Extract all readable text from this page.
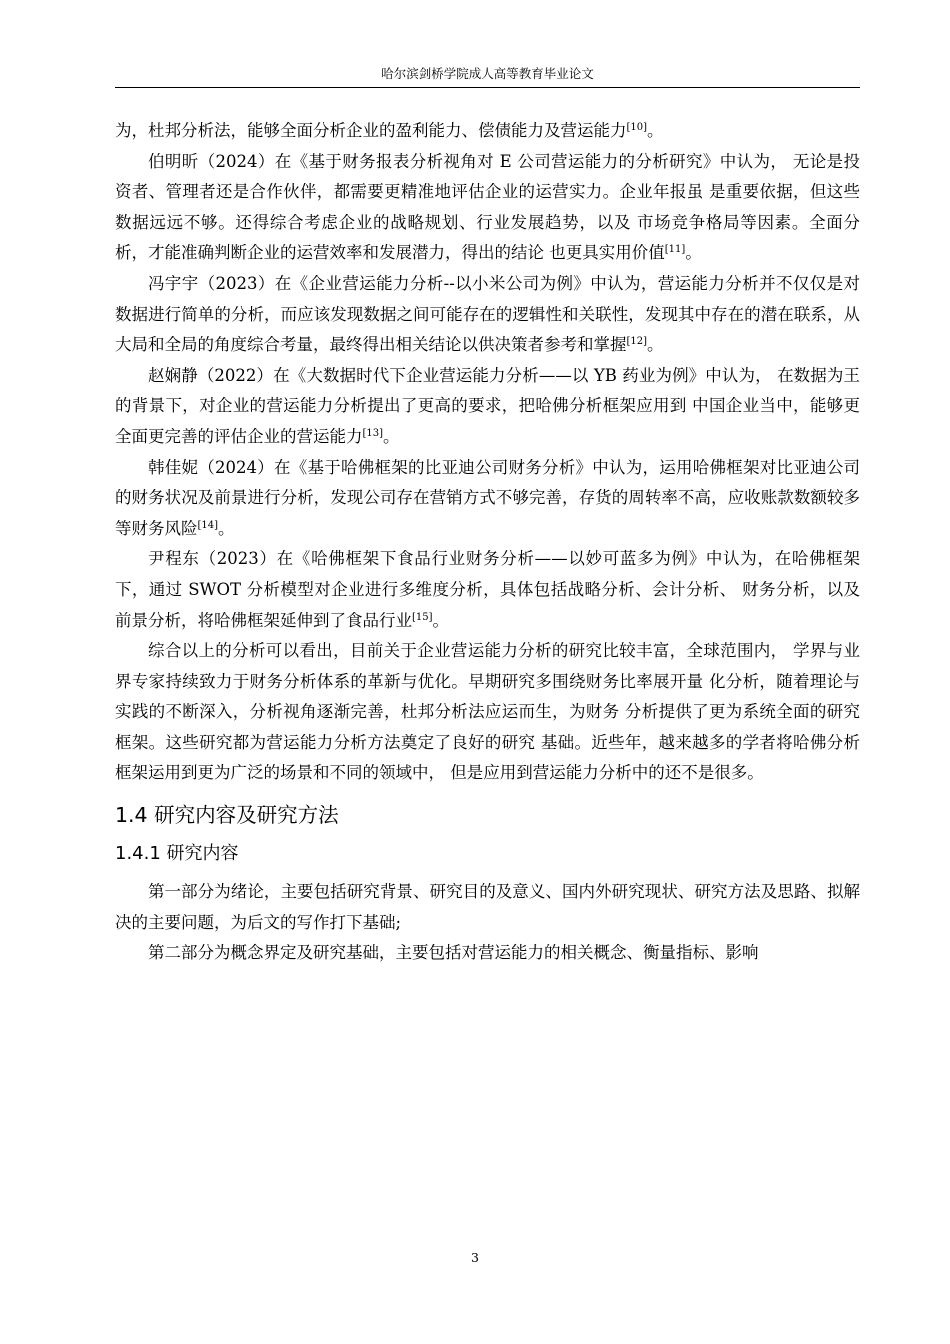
哈尔滨剑桥学院成人高等教育毕业论文

为，杜邦分析法，能够全面分析企业的盈利能力、偿债能力及营运能力[10]。

伯明昕（2024）在《基于财务报表分析视角对 E 公司营运能力的分析研究》中认为， 无论是投资者、管理者还是合作伙伴，都需要更精准地评估企业的运营实力。企业年报虽 是重要依据，但这些数据远远不够。还得综合考虑企业的战略规划、行业发展趋势，以及 市场竞争格局等因素。全面分析，才能准确判断企业的运营效率和发展潜力，得出的结论 也更具实用价值[11]。

冯宇宇（2023）在《企业营运能力分析--以小米公司为例》中认为，营运能力分析并不仅仅是对数据进行简单的分析，而应该发现数据之间可能存在的逻辑性和关联性，发现其中存在的潜在联系，从大局和全局的角度综合考量，最终得出相关结论以供决策者参考和掌握[12]。

赵娴静（2022）在《大数据时代下企业营运能力分析——以 YB 药业为例》中认为， 在数据为王的背景下，对企业的营运能力分析提出了更高的要求，把哈佛分析框架应用到 中国企业当中，能够更全面更完善的评估企业的营运能力[13]。

韩佳妮（2024）在《基于哈佛框架的比亚迪公司财务分析》中认为，运用哈佛框架对比亚迪公司的财务状况及前景进行分析，发现公司存在营销方式不够完善，存货的周转率不高，应收账款数额较多等财务风险[14]。

尹程东（2023）在《哈佛框架下食品行业财务分析——以妙可蓝多为例》中认为，在哈佛框架下，通过 SWOT 分析模型对企业进行多维度分析，具体包括战略分析、会计分析、 财务分析，以及前景分析，将哈佛框架延伸到了食品行业[15]。

综合以上的分析可以看出，目前关于企业营运能力分析的研究比较丰富，全球范围内， 学界与业界专家持续致力于财务分析体系的革新与优化。早期研究多围绕财务比率展开量 化分析，随着理论与实践的不断深入，分析视角逐渐完善，杜邦分析法应运而生，为财务 分析提供了更为系统全面的研究框架。这些研究都为营运能力分析方法奠定了良好的研究 基础。近些年，越来越多的学者将哈佛分析框架运用到更为广泛的场景和不同的领域中， 但是应用到营运能力分析中的还不是很多。

1.4 研究内容及研究方法
1.4.1 研究内容

第一部分为绪论，主要包括研究背景、研究目的及意义、国内外研究现状、研究方法及思路、拟解决的主要问题，为后文的写作打下基础;

第二部分为概念界定及研究基础，主要包括对营运能力的相关概念、衡量指标、影响

3
